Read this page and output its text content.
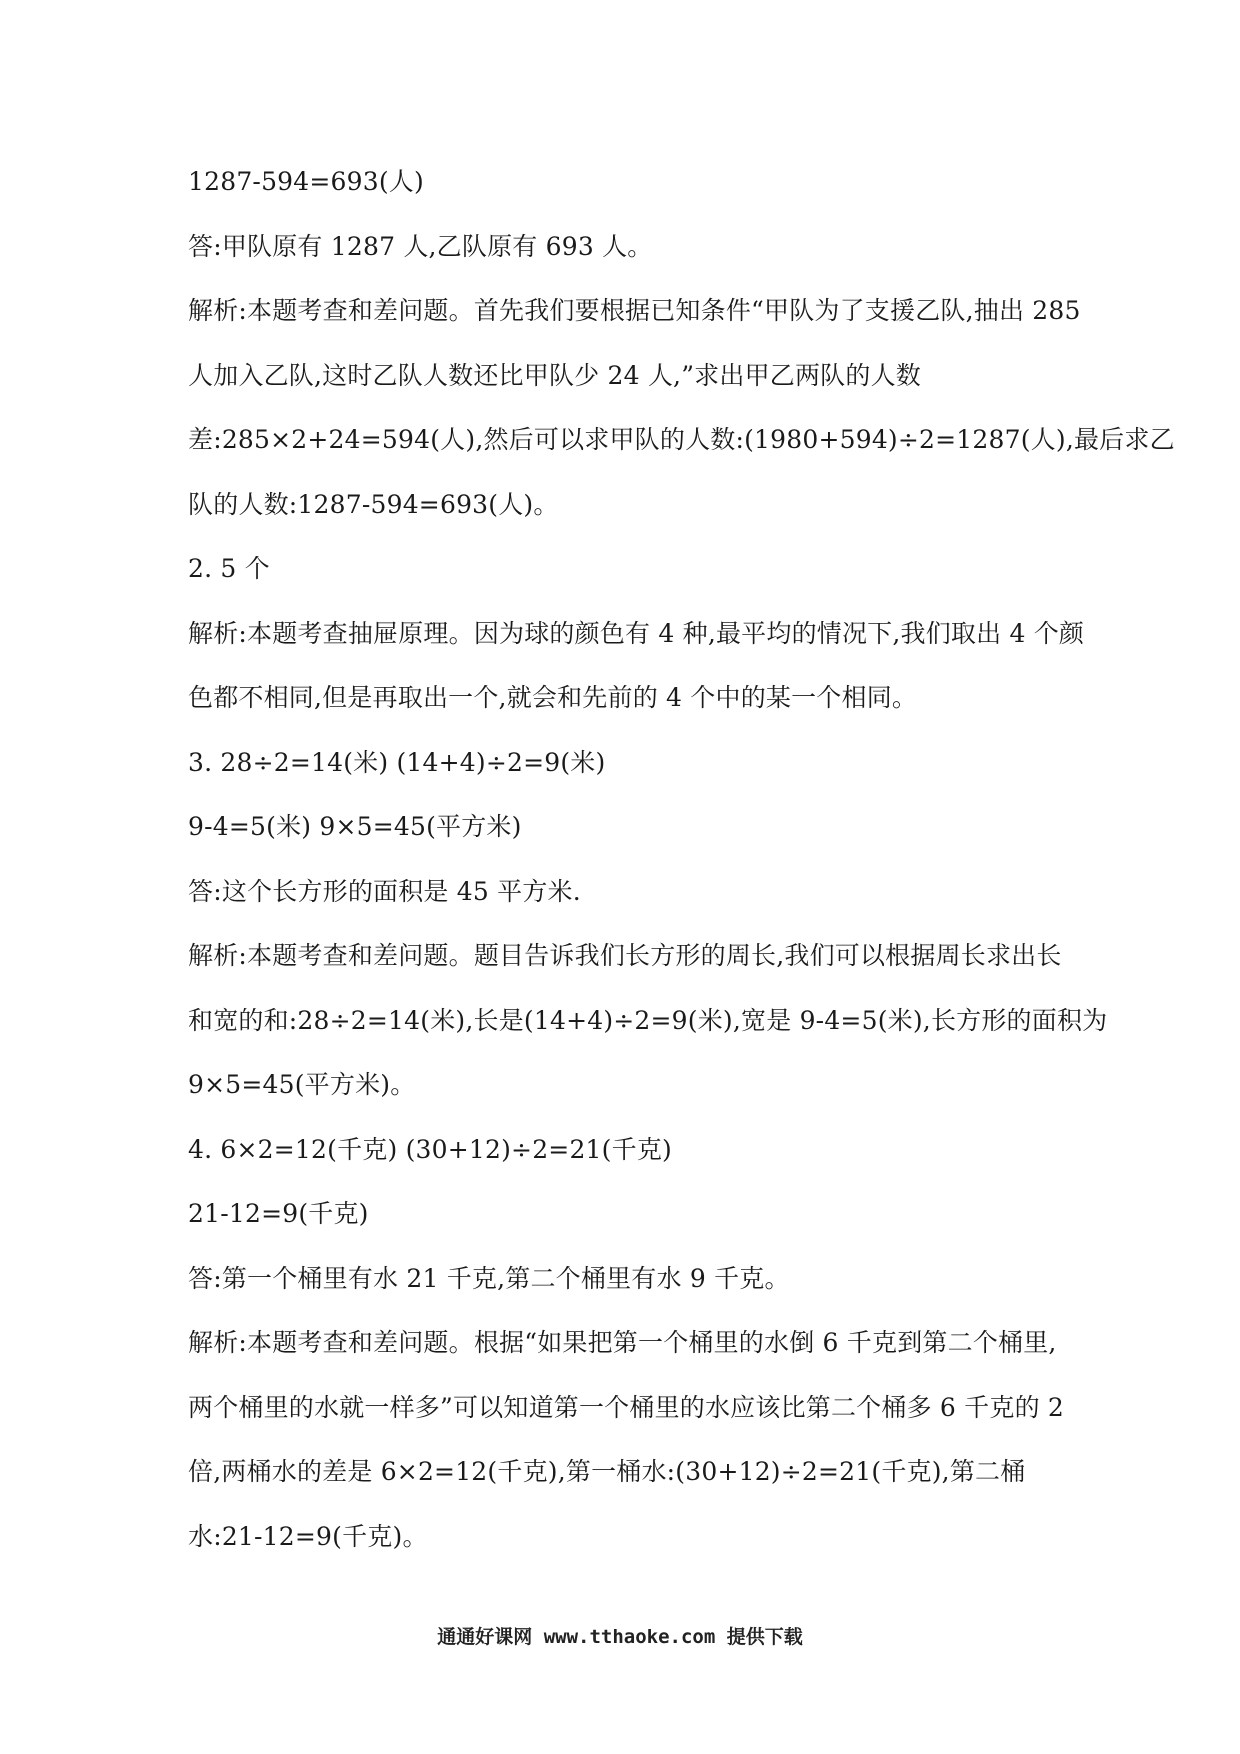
1287-594=693(人)
答:甲队原有 1287 人,乙队原有 693 人。
解析:本题考查和差问题。首先我们要根据已知条件“甲队为了支援乙队,抽出 285
人加入乙队,这时乙队人数还比甲队少 24 人,”求出甲乙两队的人数
差:285×2+24=594(人),然后可以求甲队的人数:(1980+594)÷2=1287(人),最后求乙
队的人数:1287-594=693(人)。
2. 5 个
解析:本题考查抽屉原理。因为球的颜色有 4 种,最平均的情况下,我们取出 4 个颜
色都不相同,但是再取出一个,就会和先前的 4 个中的某一个相同。
3. 28÷2=14(米) (14+4)÷2=9(米)
9-4=5(米) 9×5=45(平方米)
答:这个长方形的面积是 45 平方米.
解析:本题考查和差问题。题目告诉我们长方形的周长,我们可以根据周长求出长
和宽的和:28÷2=14(米),长是(14+4)÷2=9(米),宽是 9-4=5(米),长方形的面积为
9×5=45(平方米)。
4. 6×2=12(千克) (30+12)÷2=21(千克)
21-12=9(千克)
答:第一个桶里有水 21 千克,第二个桶里有水 9 千克。
解析:本题考查和差问题。根据“如果把第一个桶里的水倒 6 千克到第二个桶里,
两个桶里的水就一样多”可以知道第一个桶里的水应该比第二个桶多 6 千克的 2
倍,两桶水的差是 6×2=12(千克),第一桶水:(30+12)÷2=21(千克),第二桶
水:21-12=9(千克)。
通通好课网 www.tthaoke.com 提供下载
